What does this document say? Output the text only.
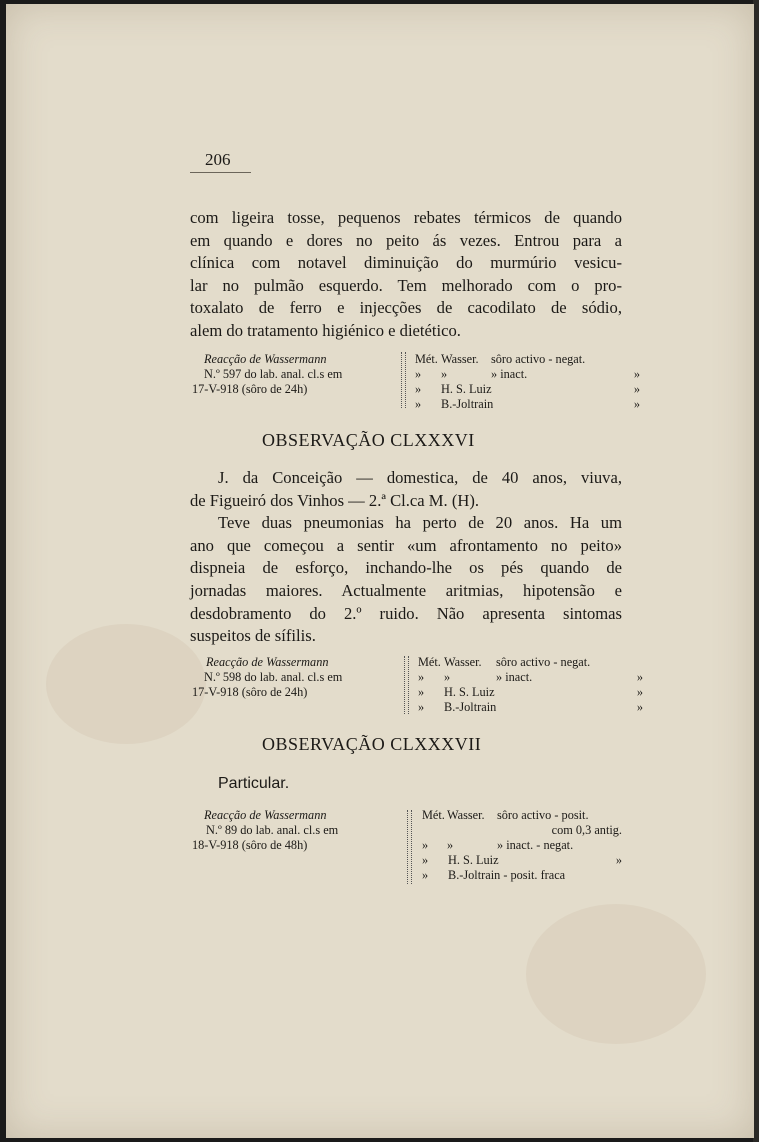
206
com ligeira tosse, pequenos rebates térmicos de quando
em quando e dores no peito ás vezes. Entrou para a
clínica com notavel diminuição do murmúrio vesicu-
lar no pulmão esquerdo. Tem melhorado com o pro-
toxalato de ferro e injecções de cacodilato de sódio,
alem do tratamento higiénico e dietético.
Reacção de Wassermann
N.º 597 do lab. anal. cl.s em
17-V-918 (sôro de 24h)
Mét. Wasser.	sôro activo - negat.
»	»	» inact.	»
»	H. S. Luiz	»
»	B.-Joltrain	»
OBSERVAÇÃO CLXXXVI
J. da Conceição — domestica, de 40 anos, viuva,
de Figueiró dos Vinhos — 2.ª Cl.ca M. (H).
Teve duas pneumonias ha perto de 20 anos. Ha um
ano que começou a sentir «um afrontamento no peito»
dispneia de esforço, inchando-lhe os pés quando de
jornadas maiores. Actualmente aritmias, hipotensão e
desdobramento do 2.º ruido. Não apresenta sintomas
suspeitos de sífilis.
Reacção de Wassermann
N.º 598 do lab. anal. cl.s em
17-V-918 (sôro de 24h)
Mét. Wasser.	sôro activo - negat.
»	»	» inact.	»
»	H. S. Luiz	»
»	B.-Joltrain	»
OBSERVAÇÃO CLXXXVII
Particular.
Reacção de Wassermann
N.º 89 do lab. anal. cl.s em
18-V-918 (sôro de 48h)
Mét. Wasser.	sôro activo - posit.
com 0,3 antig.
»	»	» inact. - negat.
»	H. S. Luiz	»
»	B.-Joltrain - posit. fraca
